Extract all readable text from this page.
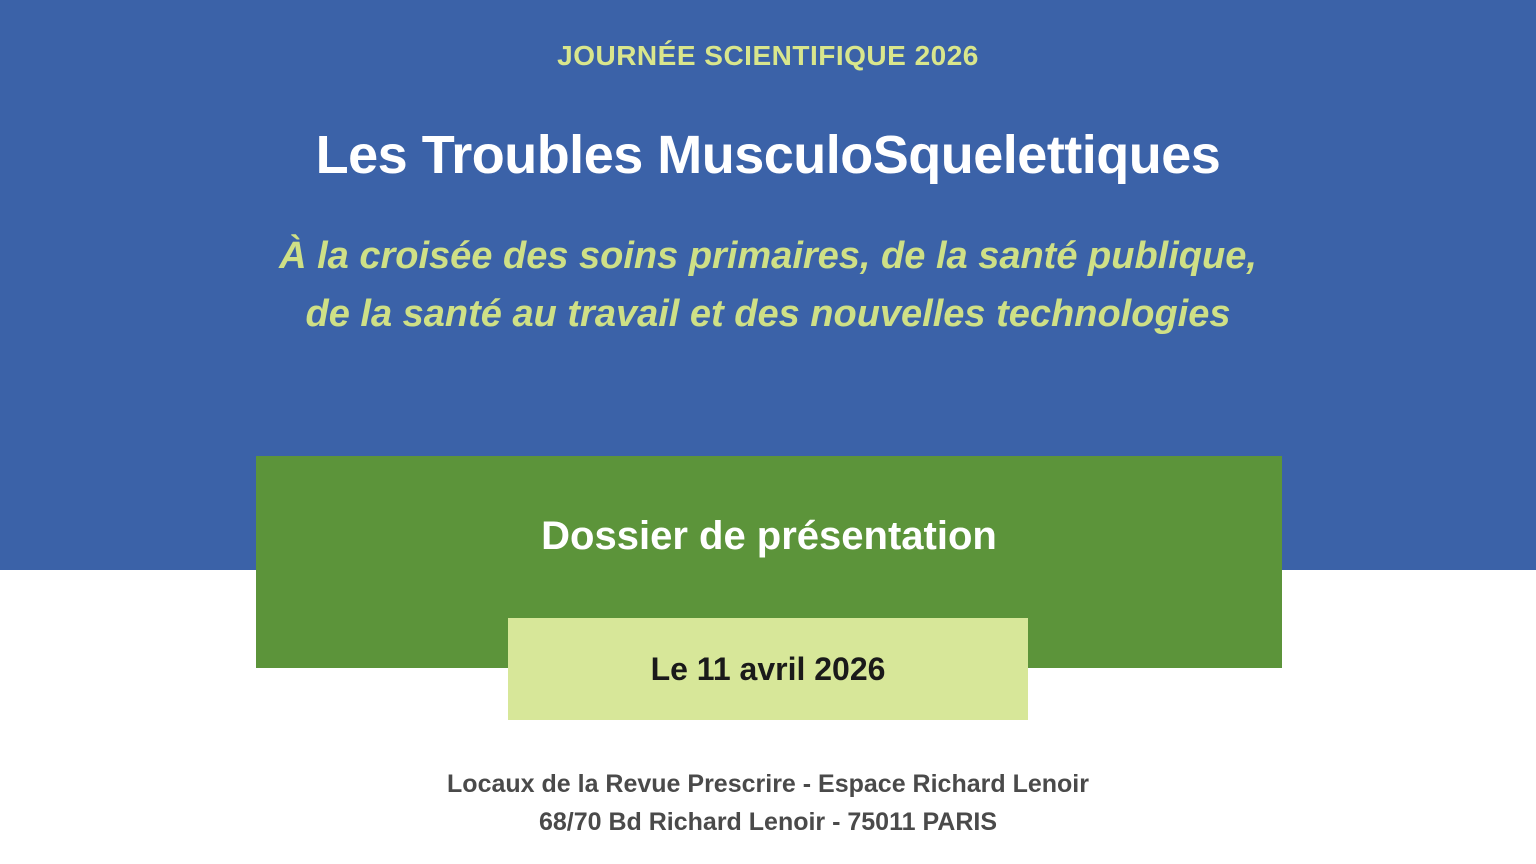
JOURNÉE SCIENTIFIQUE 2026
Les Troubles MusculoSquelettiques
À la croisée des soins primaires, de la santé publique,
de la santé au travail et des nouvelles technologies
Dossier de présentation
Le 11 avril 2026
Locaux de la Revue Prescrire - Espace Richard Lenoir
68/70 Bd Richard Lenoir - 75011 PARIS
